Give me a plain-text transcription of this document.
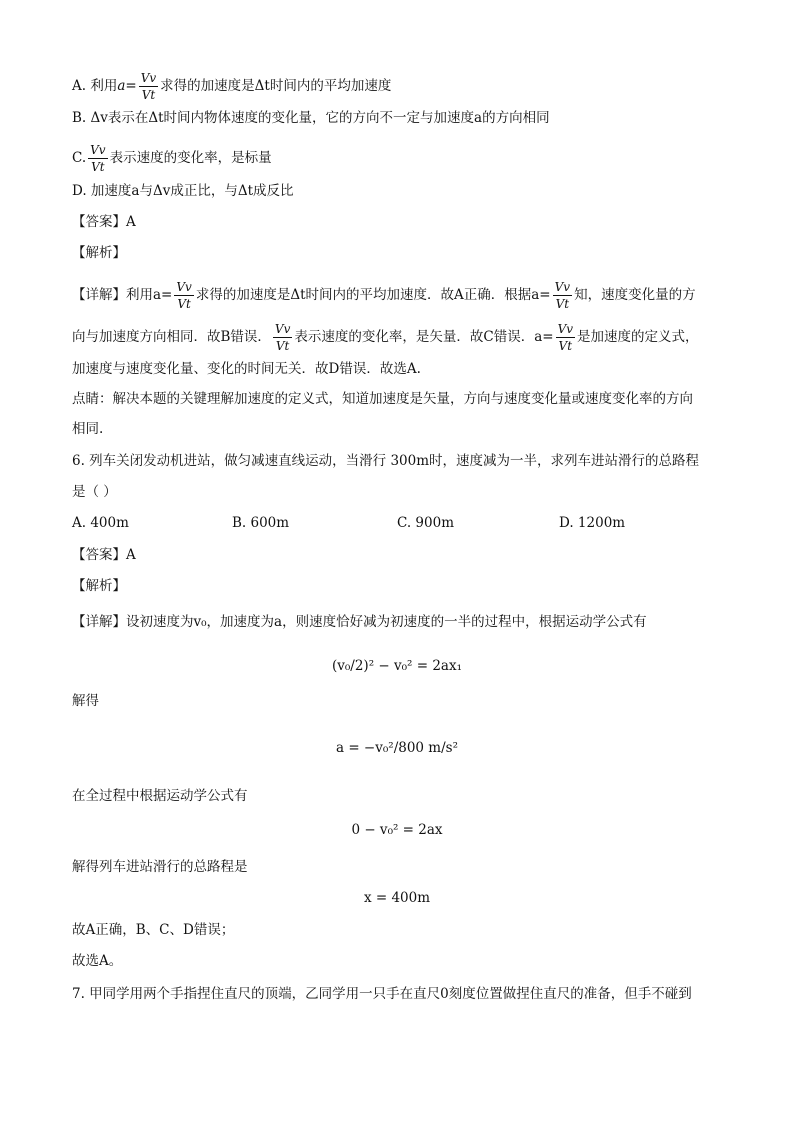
A. 利用$a= \frac{Vv}{Vt}$ 求得的加速度是Δt时间内的平均加速度
B. Δv表示在Δt时间内物体速度的变化量，它的方向不一定与加速度a的方向相同
C. $\frac{Vv}{Vt}$ 表示速度的变化率，是标量
D. 加速度a与Δv成正比，与Δt成反比
【答案】A
【解析】
【详解】利用$a= \frac{Vv}{Vt}$ 求得的加速度是Δt时间内的平均加速度．故A正确．根据$a= \frac{Vv}{Vt}$ 知，速度变化量的方
向与加速度方向相同．故B错误． $\frac{Vv}{Vt}$ 表示速度的变化率，是矢量．故C错误．$a= \frac{Vv}{Vt}$ 是加速度的定义式，
加速度与速度变化量、变化的时间无关．故D错误．故选A.
点睛：解决本题的关键理解加速度的定义式，知道加速度是矢量，方向与速度变化量或速度变化率的方向
相同.
6. 列车关闭发动机进站，做匀减速直线运动，当滑行 300m时，速度减为一半，求列车进站滑行的总路程
是（ ）
A. 400m	B. 600m	C. 900m	D. 1200m
【答案】A
【解析】
【详解】设初速度为v₀，加速度为a，则速度恰好减为初速度的一半的过程中，根据运动学公式有
(v₀/2)² − v₀² = 2ax₁
解得
a = −v₀²/800 m/s²
在全过程中根据运动学公式有
0 − v₀² = 2ax
解得列车进站滑行的总路程是
x = 400m
故A正确，B、C、D错误；
故选A。
7. 甲同学用两个手指捏住直尺的顶端，乙同学用一只手在直尺0刻度位置做捏住直尺的准备，但手不碰到
